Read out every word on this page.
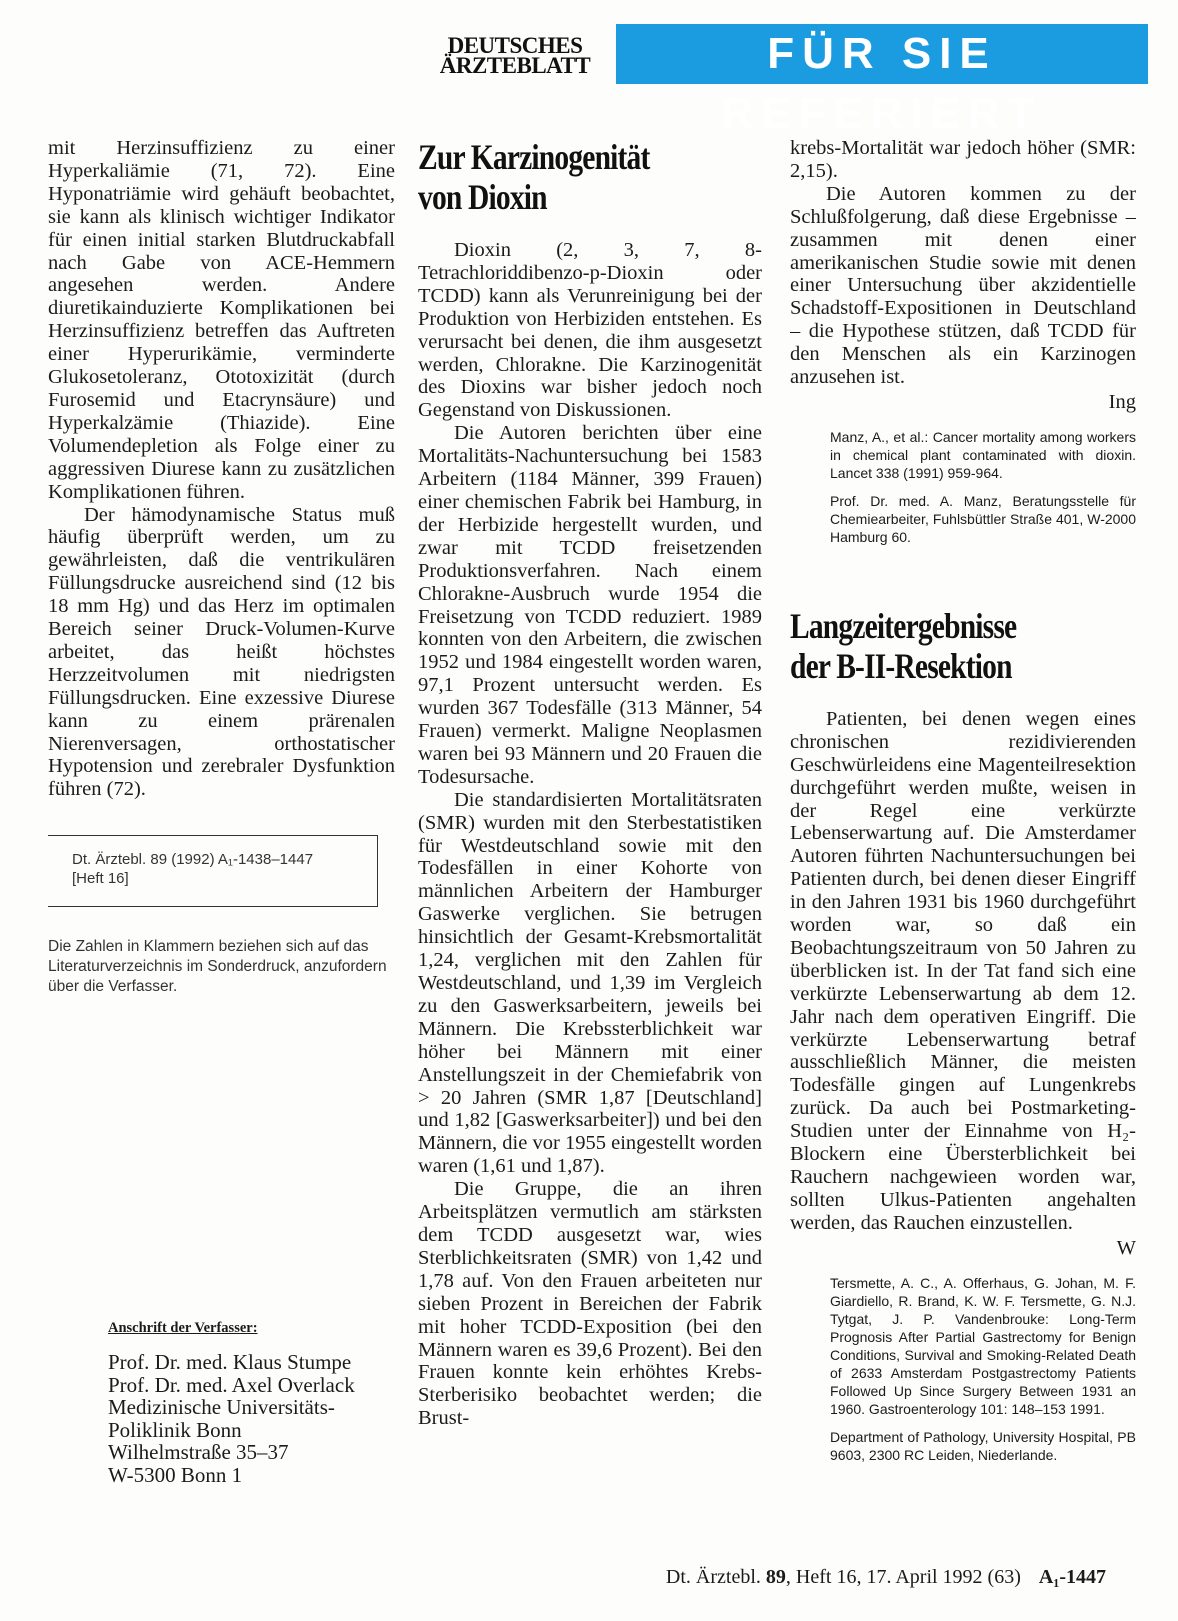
DEUTSCHES
ÄRZTEBLATT	FÜR SIE REFERIERT

mit Herzinsuffizienz zu einer Hyperkaliämie (71, 72). Eine Hyponatriämie wird gehäuft beobachtet, sie kann als klinisch wichtiger Indikator für einen initial starken Blutdruckabfall nach Gabe von ACE-Hemmern angesehen werden. Andere diuretikainduzierte Komplikationen bei Herzinsuffizienz betreffen das Auftreten einer Hyperurikämie, verminderte Glukosetoleranz, Ototoxizität (durch Furosemid und Etacrynsäure) und Hyperkalzämie (Thiazide). Eine Volumendepletion als Folge einer zu aggressiven Diurese kann zu zusätzlichen Komplikationen führen.

Der hämodynamische Status muß häufig überprüft werden, um zu gewährleisten, daß die ventrikulären Füllungsdrucke ausreichend sind (12 bis 18 mm Hg) und das Herz im optimalen Bereich seiner Druck-Volumen-Kurve arbeitet, das heißt höchstes Herzzeitvolumen mit niedrigsten Füllungsdrucken. Eine exzessive Diurese kann zu einem prärenalen Nierenversagen, orthostatischer Hypotension und zerebraler Dysfunktion führen (72).

Dt. Ärztebl. 89 (1992) A₁-1438–1447
[Heft 16]
Die Zahlen in Klammern beziehen sich auf das Literaturverzeichnis im Sonderdruck, anzufordern über die Verfasser.
Anschrift der Verfasser:
Prof. Dr. med. Klaus Stumpe
Prof. Dr. med. Axel Overlack
Medizinische Universitäts-
Poliklinik Bonn
Wilhelmstraße 35–37
W-5300 Bonn 1
Zur Karzinogenität
von Dioxin

Dioxin (2, 3, 7, 8-Tetrachloriddibenzo-p-Dioxin oder TCDD) kann als Verunreinigung bei der Produktion von Herbiziden entstehen. Es verursacht bei denen, die ihm ausgesetzt werden, Chlorakne. Die Karzinogenität des Dioxins war bisher jedoch noch Gegenstand von Diskussionen.

Die Autoren berichten über eine Mortalitäts-Nachuntersuchung bei 1583 Arbeitern (1184 Männer, 399 Frauen) einer chemischen Fabrik bei Hamburg, in der Herbizide hergestellt wurden, und zwar mit TCDD freisetzenden Produktionsverfahren. Nach einem Chlorakne-Ausbruch wurde 1954 die Freisetzung von TCDD reduziert. 1989 konnten von den Arbeitern, die zwischen 1952 und 1984 eingestellt worden waren, 97,1 Prozent untersucht werden. Es wurden 367 Todesfälle (313 Männer, 54 Frauen) vermerkt. Maligne Neoplasmen waren bei 93 Männern und 20 Frauen die Todesursache.

Die standardisierten Mortalitätsraten (SMR) wurden mit den Sterbestatistiken für Westdeutschland sowie mit den Todesfällen in einer Kohorte von männlichen Arbeitern der Hamburger Gaswerke verglichen. Sie betrugen hinsichtlich der Gesamt-Krebsmortalität 1,24, verglichen mit den Zahlen für Westdeutschland, und 1,39 im Vergleich zu den Gaswerksarbeitern, jeweils bei Männern. Die Krebssterblichkeit war höher bei Männern mit einer Anstellungszeit in der Chemiefabrik von > 20 Jahren (SMR 1,87 [Deutschland] und 1,82 [Gaswerksarbeiter]) und bei den Männern, die vor 1955 eingestellt worden waren (1,61 und 1,87).

Die Gruppe, die an ihren Arbeitsplätzen vermutlich am stärksten dem TCDD ausgesetzt war, wies Sterblichkeitsraten (SMR) von 1,42 und 1,78 auf. Von den Frauen arbeiteten nur sieben Prozent in Bereichen der Fabrik mit hoher TCDD-Exposition (bei den Männern waren es 39,6 Prozent). Bei den Frauen konnte kein erhöhtes Krebs-Sterberisiko beobachtet werden; die Brust-

krebs-Mortalität war jedoch höher (SMR: 2,15).

Die Autoren kommen zu der Schlußfolgerung, daß diese Ergebnisse – zusammen mit denen einer amerikanischen Studie sowie mit denen einer Untersuchung über akzidentielle Schadstoff-Expositionen in Deutschland – die Hypothese stützen, daß TCDD für den Menschen als ein Karzinogen anzusehen ist.

Ing
Manz, A., et al.: Cancer mortality among workers in chemical plant contaminated with dioxin. Lancet 338 (1991) 959-964.
Prof. Dr. med. A. Manz, Beratungsstelle für Chemiearbeiter, Fuhlsbüttler Straße 401, W-2000 Hamburg 60.
Langzeitergebnisse
der B-II-Resektion

Patienten, bei denen wegen eines chronischen rezidivierenden Geschwürleidens eine Magenteilresektion durchgeführt werden mußte, weisen in der Regel eine verkürzte Lebenserwartung auf. Die Amsterdamer Autoren führten Nachuntersuchungen bei Patienten durch, bei denen dieser Eingriff in den Jahren 1931 bis 1960 durchgeführt worden war, so daß ein Beobachtungszeitraum von 50 Jahren zu überblicken ist. In der Tat fand sich eine verkürzte Lebenserwartung ab dem 12. Jahr nach dem operativen Eingriff. Die verkürzte Lebenserwartung betraf ausschließlich Männer, die meisten Todesfälle gingen auf Lungenkrebs zurück. Da auch bei Postmarketing-Studien unter der Einnahme von H₂-Blockern eine Übersterblichkeit bei Rauchern nachgewieen worden war, sollten Ulkus-Patienten angehalten werden, das Rauchen einzustellen.

W
Tersmette, A. C., A. Offerhaus, G. Johan, M. F. Giardiello, R. Brand, K. W. F. Tersmette, G. N.J. Tytgat, J. P. Vandenbrouke: Long-Term Prognosis After Partial Gastrectomy for Benign Conditions, Survival and Smoking-Related Death of 2633 Amsterdam Postgastrectomy Patients Followed Up Since Surgery Between 1931 an 1960. Gastroenterology 101: 148–153 1991.
Department of Pathology, University Hospital, PB 9603, 2300 RC Leiden, Niederlande.
Dt. Ärztebl. 89, Heft 16, 17. April 1992 (63) A₁-1447
